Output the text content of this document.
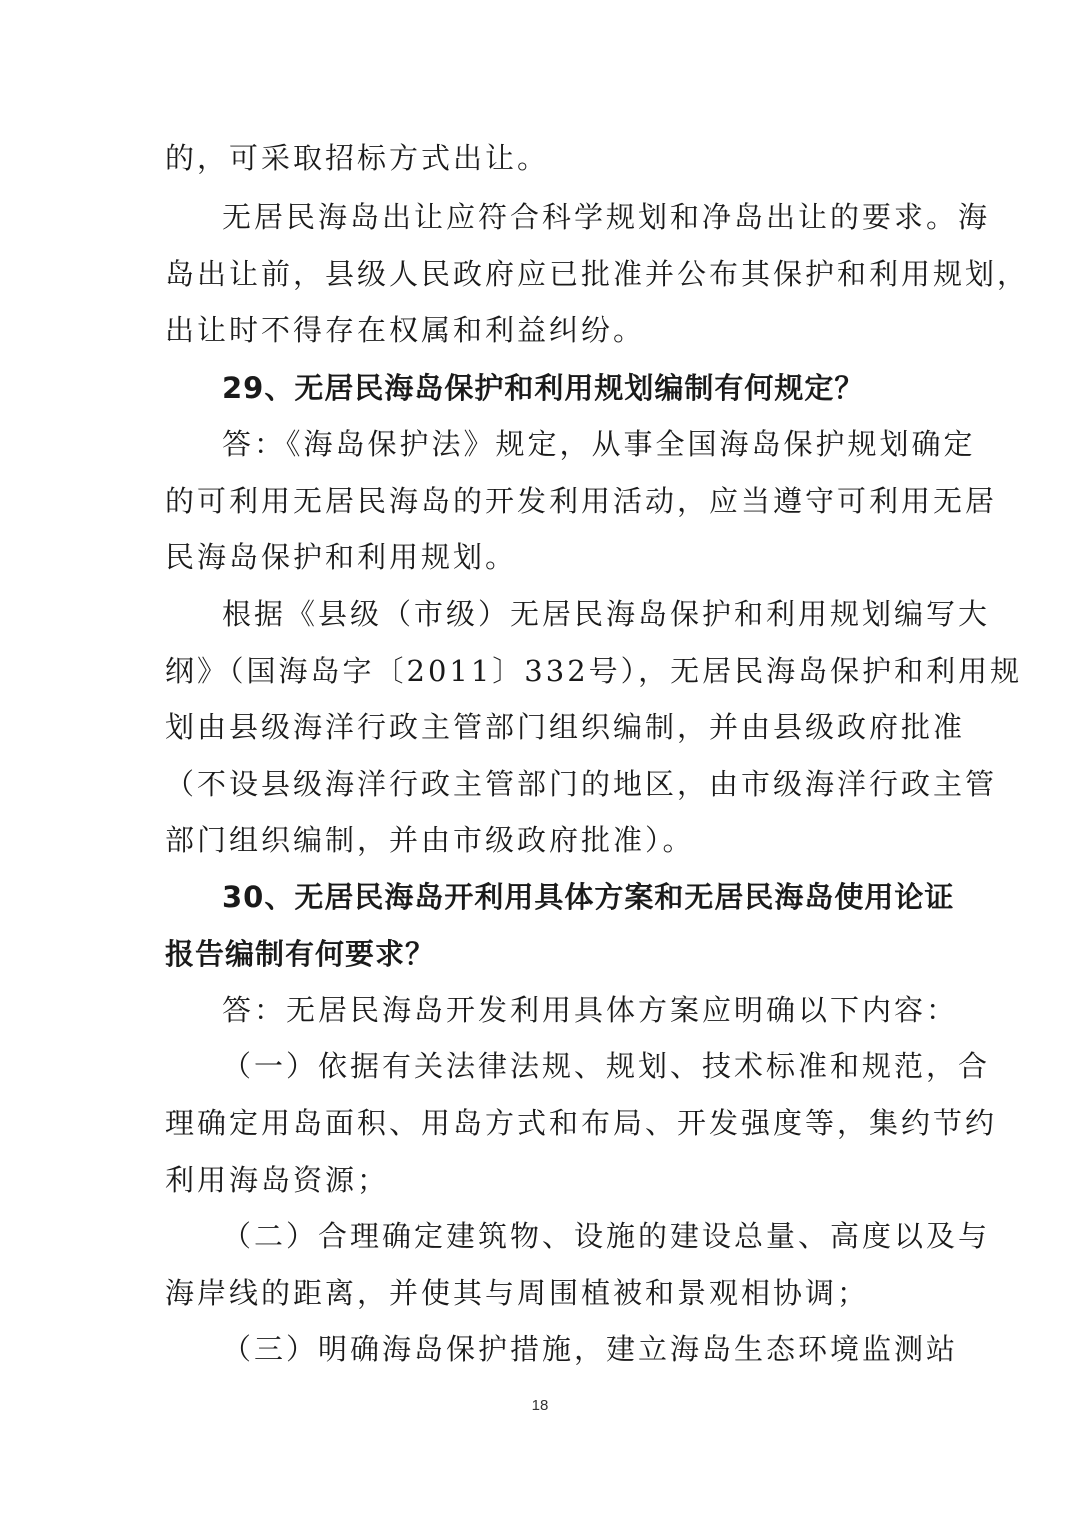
的，可采取招标方式出让。
无居民海岛出让应符合科学规划和净岛出让的要求。海
岛出让前，县级人民政府应已批准并公布其保护和利用规划，
出让时不得存在权属和利益纠纷。
29、无居民海岛保护和利用规划编制有何规定？
答：《海岛保护法》规定，从事全国海岛保护规划确定
的可利用无居民海岛的开发利用活动，应当遵守可利用无居
民海岛保护和利用规划。
根据《县级（市级）无居民海岛保护和利用规划编写大
纲》（国海岛字〔2011〕332号），无居民海岛保护和利用规
划由县级海洋行政主管部门组织编制，并由县级政府批准
（不设县级海洋行政主管部门的地区，由市级海洋行政主管
部门组织编制，并由市级政府批准）。
30、无居民海岛开利用具体方案和无居民海岛使用论证
报告编制有何要求？
答：无居民海岛开发利用具体方案应明确以下内容：
（一）依据有关法律法规、规划、技术标准和规范，合
理确定用岛面积、用岛方式和布局、开发强度等，集约节约
利用海岛资源；
（二）合理确定建筑物、设施的建设总量、高度以及与
海岸线的距离，并使其与周围植被和景观相协调；
（三）明确海岛保护措施，建立海岛生态环境监测站
18
